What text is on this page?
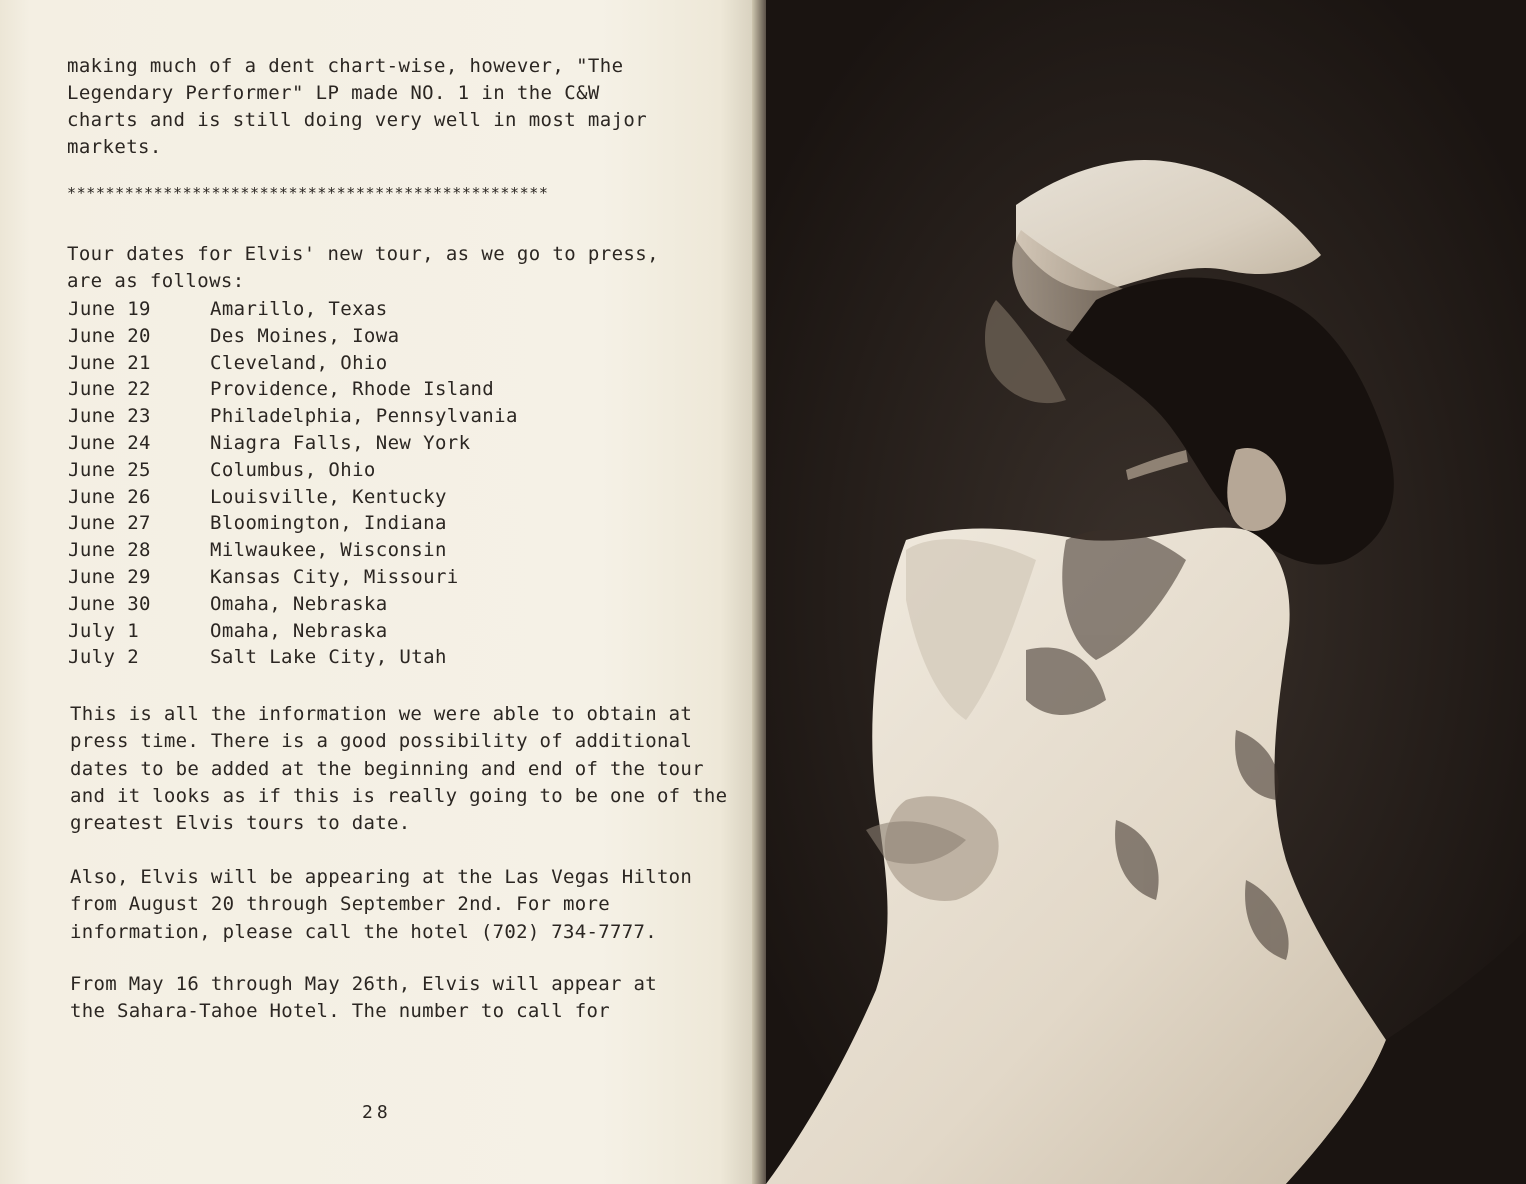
making much of a dent chart-wise, however, "The
Legendary Performer" LP made NO. 1 in the C&W
charts and is still doing very well in most major
markets.
**************************************************
Tour dates for Elvis' new tour, as we go to press,
are as follows:
June 19	Amarillo, Texas
June 20	Des Moines, Iowa
June 21	Cleveland, Ohio
June 22	Providence, Rhode Island
June 23	Philadelphia, Pennsylvania
June 24	Niagra Falls, New York
June 25	Columbus, Ohio
June 26	Louisville, Kentucky
June 27	Bloomington, Indiana
June 28	Milwaukee, Wisconsin
June 29	Kansas City, Missouri
June 30	Omaha, Nebraska
July 1	Omaha, Nebraska
July 2	Salt Lake City, Utah
This is all the information we were able to obtain at
press time. There is a good possibility of additional
dates to be added at the beginning and end of the tour
and it looks as if this is really going to be one of the
greatest Elvis tours to date.
Also, Elvis will be appearing at the Las Vegas Hilton
from August 20 through September 2nd. For more
information, please call the hotel (702) 734-7777.
From May 16 through May 26th, Elvis will appear at
the Sahara-Tahoe Hotel. The number to call for
28
